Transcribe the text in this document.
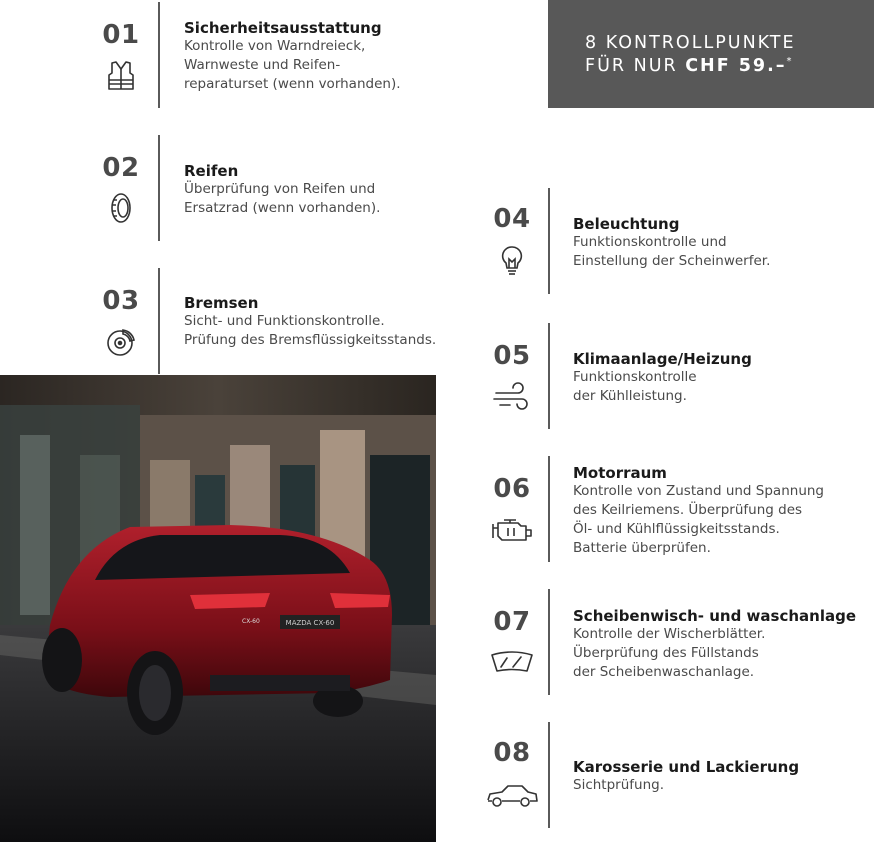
8 KONTROLLPUNKTE
FÜR NUR CHF 59.–*
01	Sicherheitsausstattung
Kontrolle von Warndreieck,
Warnweste und Reifen-
reparaturset (wenn vorhanden).
02	Reifen
Überprüfung von Reifen und
Ersatzrad (wenn vorhanden).
03	Bremsen
Sicht- und Funktionskontrolle.
Prüfung des Bremsflüssigkeitsstands.
04	Beleuchtung
Funktionskontrolle und
Einstellung der Scheinwerfer.
05	Klimaanlage/Heizung
Funktionskontrolle
der Kühlleistung.
06
Motorraum
Kontrolle von Zustand und Spannung
des Keilriemens. Überprüfung des
Öl- und Kühlflüssigkeitsstands.
Batterie überprüfen.
07	Scheibenwisch- und waschanlage
Kontrolle der Wischerblätter.
Überprüfung des Füllstands
der Scheibenwaschanlage.
08	Karosserie und Lackierung
Sichtprüfung.
MAZDA CX-60
CX-60
